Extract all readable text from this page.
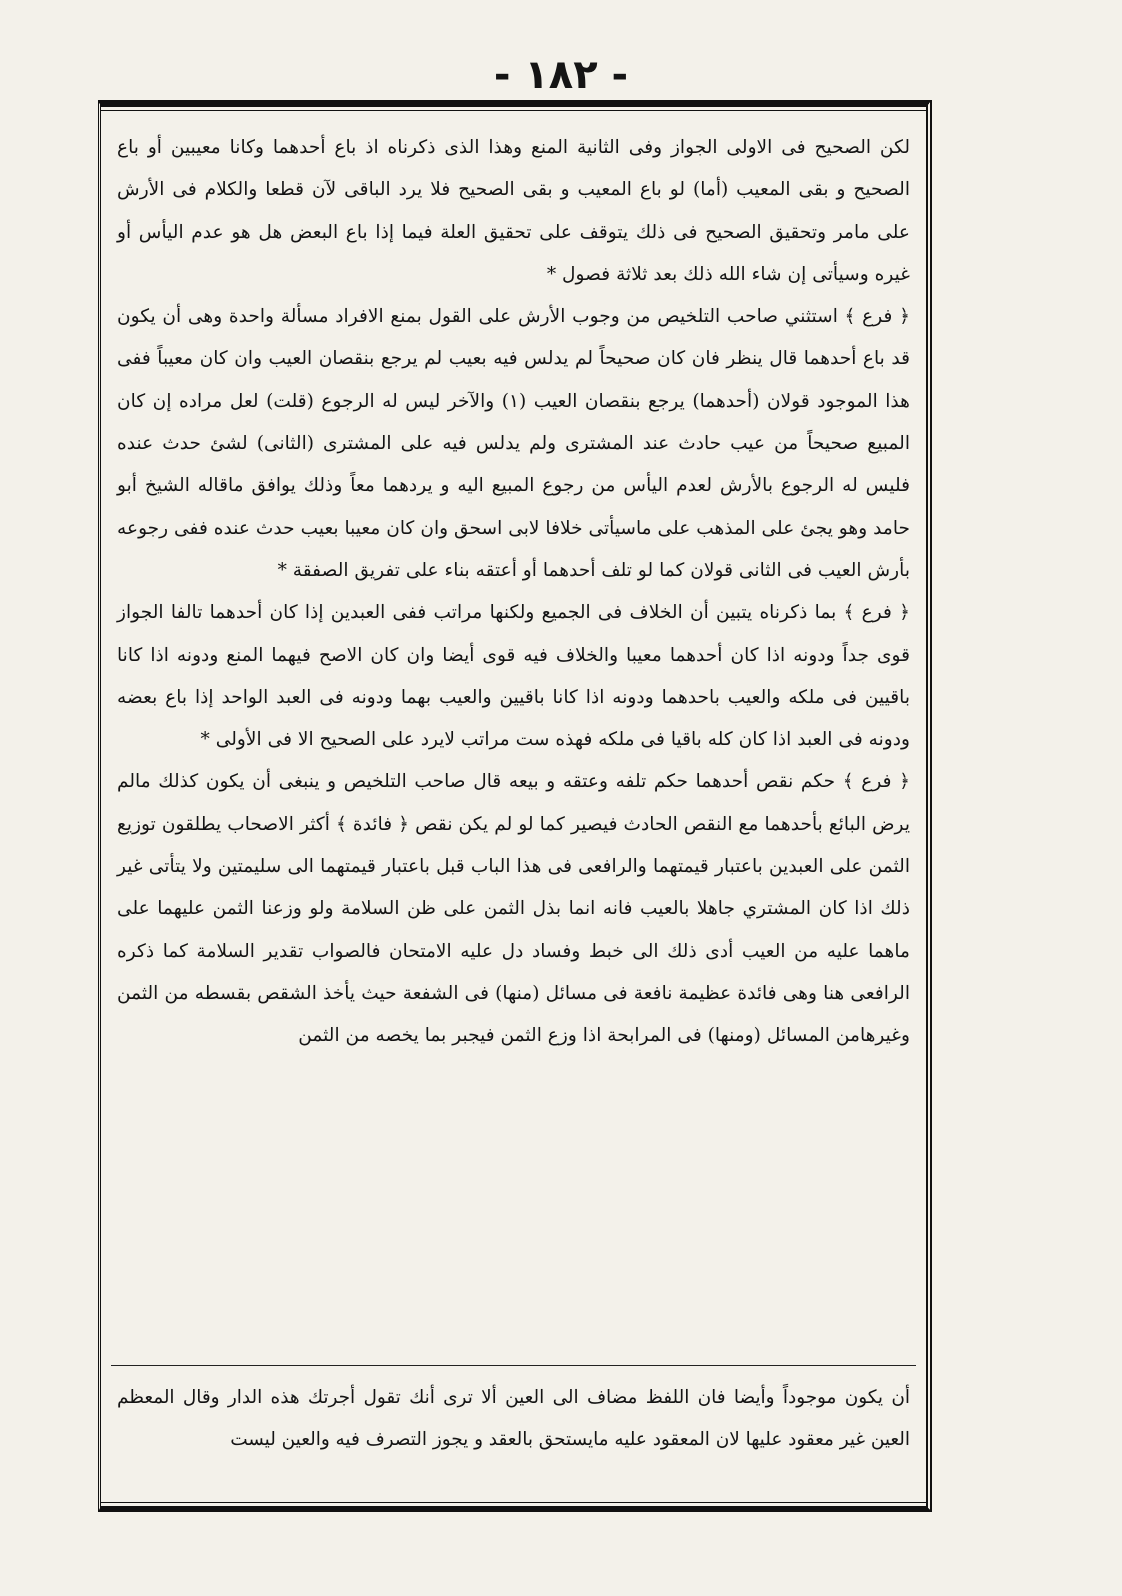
- ١٨٢ -

لكن الصحيح فى الاولى الجواز وفى الثانية المنع وهذا الذى ذكرناه اذ باع أحدهما وكانا معيبين أو باع الصحيح و بقى المعيب (أما) لو باع المعيب و بقى الصحيح فلا يرد الباقى لآن قطعا والكلام فى الأرش على مامر وتحقيق الصحيح فى ذلك يتوقف على تحقيق العلة فيما إذا باع البعض هل هو عدم اليأس أو غيره وسيأتى إن شاء الله ذلك بعد ثلاثة فصول *

﴿ فرع ﴾ استثني صاحب التلخيص من وجوب الأرش على القول بمنع الافراد مسألة واحدة وهى أن يكون قد باع أحدهما قال ينظر فان كان صحيحاً لم يدلس فيه بعيب لم يرجع بنقصان العيب وان كان معيباً ففى هذا الموجود قولان (أحدهما) يرجع بنقصان العيب (١) والآخر ليس له الرجوع (قلت) لعل مراده إن كان المبيع صحيحاً من عيب حادث عند المشترى ولم يدلس فيه على المشترى (الثانى) لشئ حدث عنده فليس له الرجوع بالأرش لعدم اليأس من رجوع المبيع اليه و يردهما معاً وذلك يوافق ماقاله الشيخ أبو حامد وهو يجئ على المذهب على ماسيأتى خلافا لابى اسحق وان كان معيبا بعيب حدث عنده ففى رجوعه بأرش العيب فى الثانى قولان كما لو تلف أحدهما أو أعتقه بناء على تفريق الصفقة *

﴿ فرع ﴾ بما ذكرناه يتبين أن الخلاف فى الجميع ولكنها مراتب ففى العبدين إذا كان أحدهما تالفا الجواز قوى جداً ودونه اذا كان أحدهما معيبا والخلاف فيه قوى أيضا وان كان الاصح فيهما المنع ودونه اذا كانا باقيين فى ملكه والعيب باحدهما ودونه اذا كانا باقيين والعيب بهما ودونه فى العبد الواحد إذا باع بعضه ودونه فى العبد اذا كان كله باقيا فى ملكه فهذه ست مراتب لايرد على الصحيح الا فى الأولى *

﴿ فرع ﴾ حكم نقص أحدهما حكم تلفه وعتقه و بيعه قال صاحب التلخيص و ينبغى أن يكون كذلك مالم يرض البائع بأحدهما مع النقص الحادث فيصير كما لو لم يكن نقص ﴿ فائدة ﴾ أكثر الاصحاب يطلقون توزيع الثمن على العبدين باعتبار قيمتهما والرافعى فى هذا الباب قبل باعتبار قيمتهما الى سليمتين ولا يتأتى غير ذلك اذا كان المشتري جاهلا بالعيب فانه انما بذل الثمن على ظن السلامة ولو وزعنا الثمن عليهما على ماهما عليه من العيب أدى ذلك الى خبط وفساد دل عليه الامتحان فالصواب تقدير السلامة كما ذكره الرافعى هنا وهى فائدة عظيمة نافعة فى مسائل (منها) فى الشفعة حيث يأخذ الشقص بقسطه من الثمن وغيرهامن المسائل (ومنها) فى المرابحة اذا وزع الثمن فيجبر بما يخصه من الثمن

أن يكون موجوداً وأيضا فان اللفظ مضاف الى العين ألا ترى أنك تقول أجرتك هذه الدار وقال المعظم العين غير معقود عليها لان المعقود عليه مايستحق بالعقد و يجوز التصرف فيه والعين ليست
